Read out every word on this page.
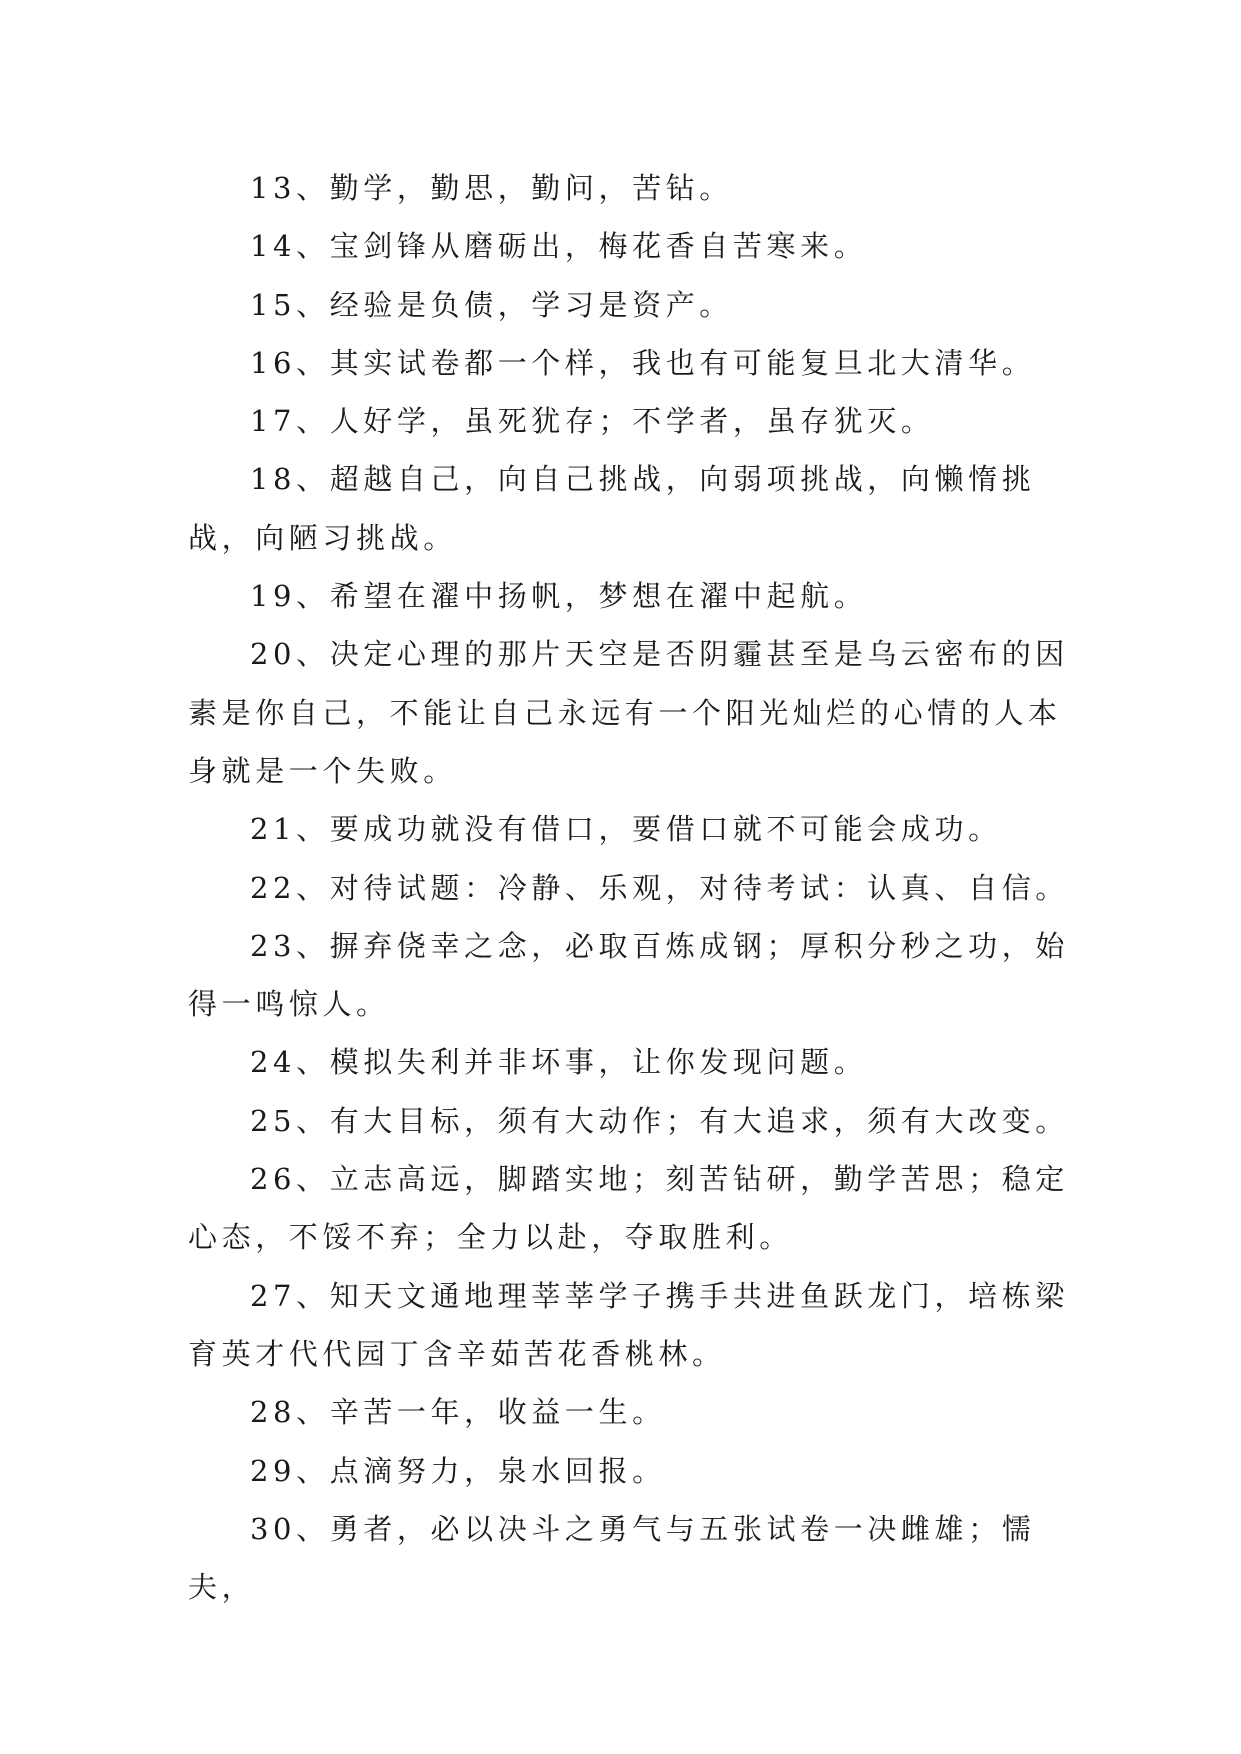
13、勤学，勤思，勤问，苦钻。

14、宝剑锋从磨砺出，梅花香自苦寒来。

15、经验是负债，学习是资产。

16、其实试卷都一个样，我也有可能复旦北大清华。

17、人好学，虽死犹存；不学者，虽存犹灭。

18、超越自己，向自己挑战，向弱项挑战，向懒惰挑战，向陋习挑战。

19、希望在濯中扬帆，梦想在濯中起航。

20、决定心理的那片天空是否阴霾甚至是乌云密布的因素是你自己，不能让自己永远有一个阳光灿烂的心情的人本身就是一个失败。

21、要成功就没有借口，要借口就不可能会成功。

22、对待试题：冷静、乐观，对待考试：认真、自信。

23、摒弃侥幸之念，必取百炼成钢；厚积分秒之功，始得一鸣惊人。

24、模拟失利并非坏事，让你发现问题。

25、有大目标，须有大动作；有大追求，须有大改变。

26、立志高远，脚踏实地；刻苦钻研，勤学苦思；稳定心态，不馁不弃；全力以赴，夺取胜利。

27、知天文通地理莘莘学子携手共进鱼跃龙门，培栋梁育英才代代园丁含辛茹苦花香桃林。

28、辛苦一年，收益一生。

29、点滴努力，泉水回报。

30、勇者，必以决斗之勇气与五张试卷一决雌雄；懦夫，
